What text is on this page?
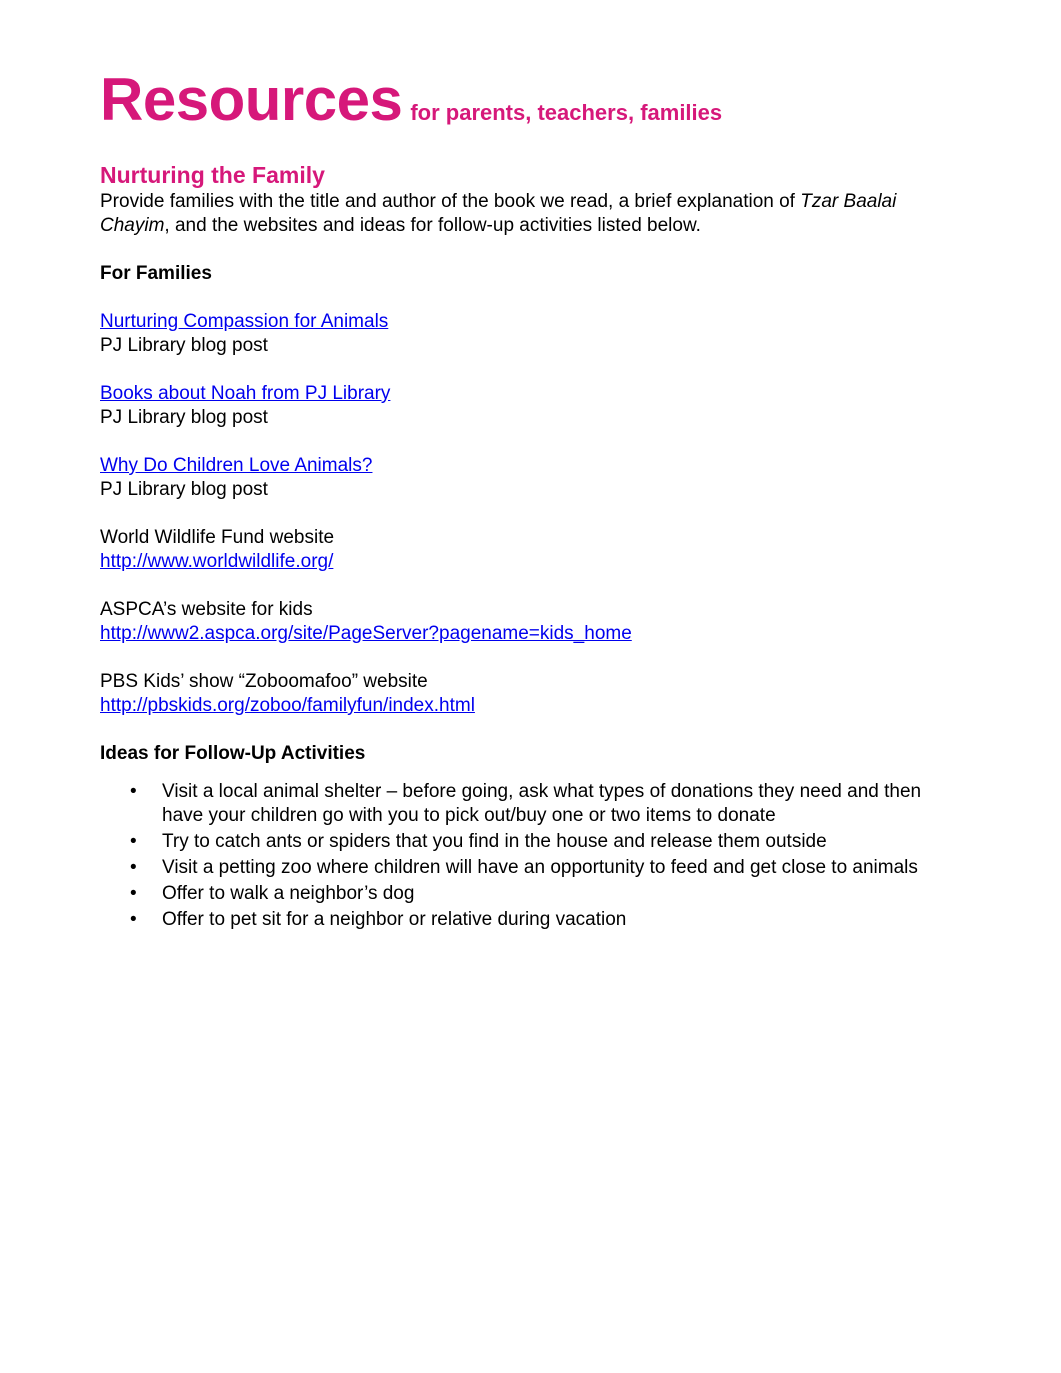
Resources for parents, teachers, families
Nurturing the Family

Provide families with the title and author of the book we read, a brief explanation of Tzar Baalai Chayim, and the websites and ideas for follow-up activities listed below.

For Families
Nurturing Compassion for Animals
PJ Library blog post
Books about Noah from PJ Library
PJ Library blog post
Why Do Children Love Animals?
PJ Library blog post
World Wildlife Fund website
http://www.worldwildlife.org/
ASPCA’s website for kids
http://www2.aspca.org/site/PageServer?pagename=kids_home
PBS Kids’ show “Zoboomafoo” website
http://pbskids.org/zoboo/familyfun/index.html
Ideas for Follow-Up Activities
• Visit a local animal shelter – before going, ask what types of donations they need and then have your children go with you to pick out/buy one or two items to donate
• Try to catch ants or spiders that you find in the house and release them outside
• Visit a petting zoo where children will have an opportunity to feed and get close to animals
• Offer to walk a neighbor’s dog
• Offer to pet sit for a neighbor or relative during vacation
